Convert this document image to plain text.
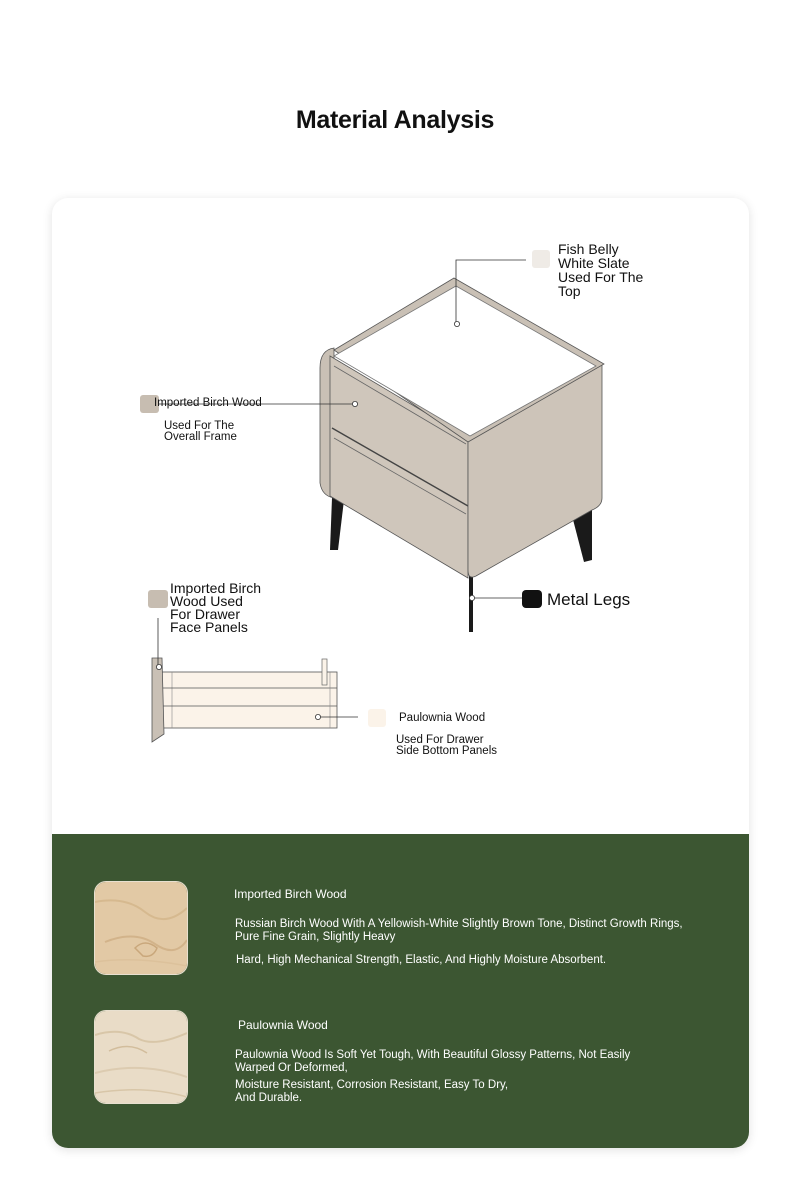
Material Analysis
Fish Belly
White Slate
Used For The
Top
Imported Birch Wood
Used For The
Overall Frame
Metal Legs
Imported Birch
Wood Used
For Drawer
Face Panels
Paulownia Wood
Used For Drawer
Side Bottom Panels
Imported Birch Wood
Russian Birch Wood With A Yellowish-White Slightly Brown Tone, Distinct Growth Rings, Pure Fine Grain, Slightly Heavy
Hard, High Mechanical Strength, Elastic, And Highly Moisture Absorbent.
Paulownia Wood
Paulownia Wood Is Soft Yet Tough, With Beautiful Glossy Patterns, Not Easily Warped Or Deformed,
Moisture Resistant, Corrosion Resistant, Easy To Dry,
And Durable.
